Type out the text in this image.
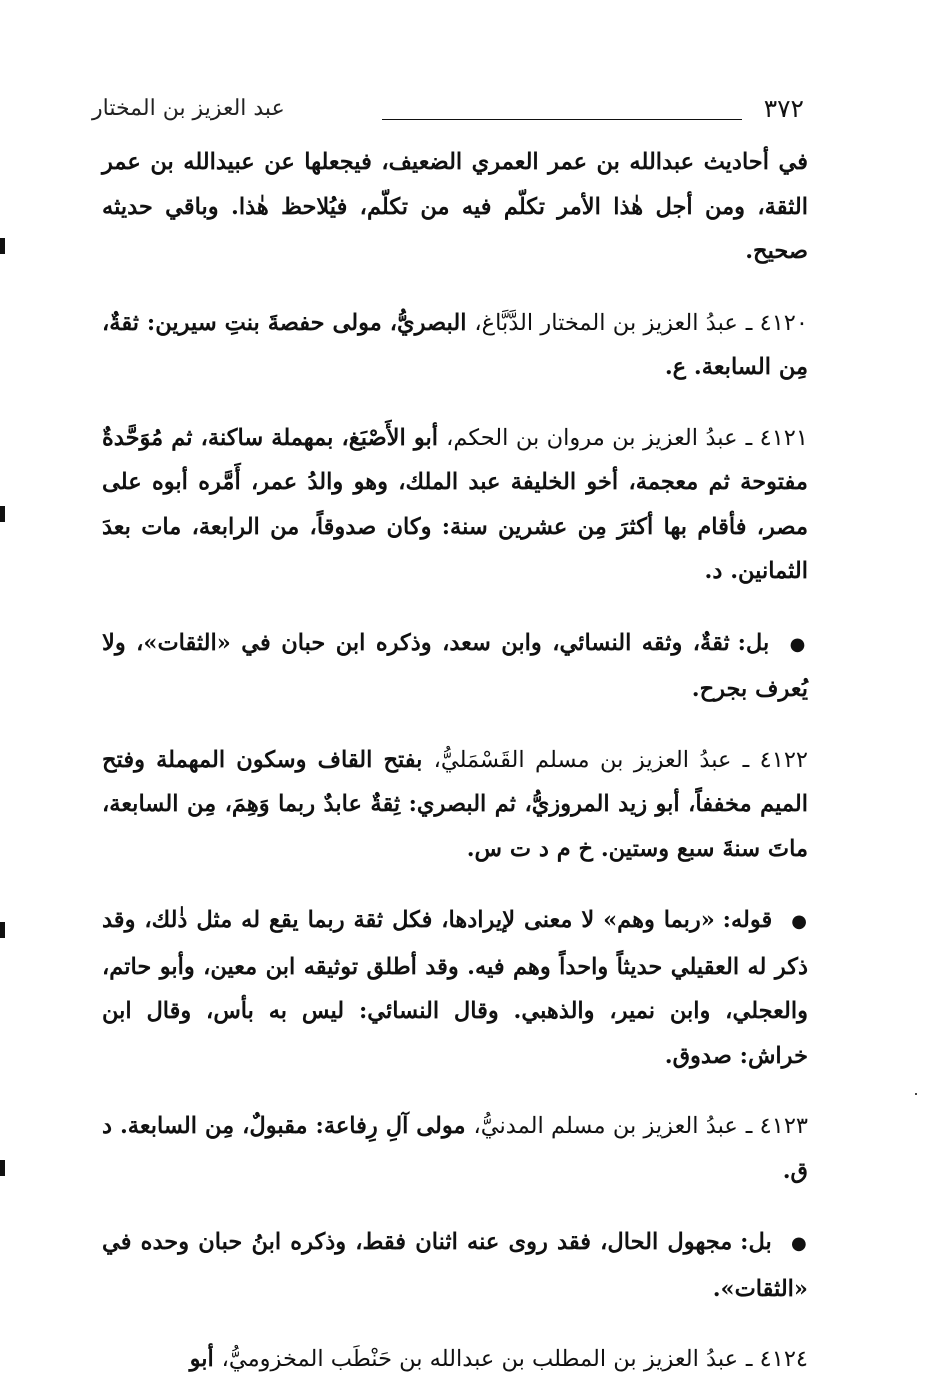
٣٧٢
عبد العزيز بن المختار

في أحاديث عبدالله بن عمر العمري الضعيف، فيجعلها عن عبيدالله بن عمر الثقة، ومن أجل هٰذا الأمر تكلّم فيه من تكلّم، فيُلاحظ هٰذا. وباقي حديثه صحيح.

٤١٢٠ ـ عبدُ العزيز بن المختار الدَّبَّاغ، البصريُّ، مولى حفصةَ بنتِ سيرين: ثقةٌ، مِن السابعة. ع.

٤١٢١ ـ عبدُ العزيز بن مروان بن الحكم، أبو الأَصْبَغ، بمهملة ساكنة، ثم مُوَحَّدةٌ مفتوحة ثم معجمة، أخو الخليفة عبد الملك، وهو والدُ عمر، أَمَّره أبوه على مصر، فأقام بها أكثرَ مِن عشرين سنة: وكان صدوقاً، من الرابعة، مات بعدَ الثمانين. د.

● بل: ثقةٌ، وثقه النسائي، وابن سعد، وذكره ابن حبان في «الثقات»، ولا يُعرف بجرح.

٤١٢٢ ـ عبدُ العزيز بن مسلم القَسْمَليُّ، بفتح القاف وسكون المهملة وفتح الميم مخففاً، أبو زيد المروزيُّ، ثم البصري: ثِقةٌ عابدٌ ربما وَهِمَ، مِن السابعة، ماتَ سنةَ سبع وستين. خ م د ت س.

● قوله: «ربما وهم» لا معنى لإيرادها، فكل ثقة ربما يقع له مثل ذٰلك، وقد ذكر له العقيلي حديثاً واحداً وهم فيه. وقد أطلق توثيقه ابن معين، وأبو حاتم، والعجلي، وابن نمير، والذهبي. وقال النسائي: ليس به بأس، وقال ابن خراش: صدوق.

٤١٢٣ ـ عبدُ العزيز بن مسلم المدنيُّ، مولى آلِ رِفاعة: مقبولٌ، مِن السابعة. د ق.

● بل: مجهول الحال، فقد روى عنه اثنان فقط، وذكره ابنُ حبان وحده في «الثقات».

٤١٢٤ ـ عبدُ العزيز بن المطلب بن عبدالله بن حَنْطَب المخزوميُّ، أبو
